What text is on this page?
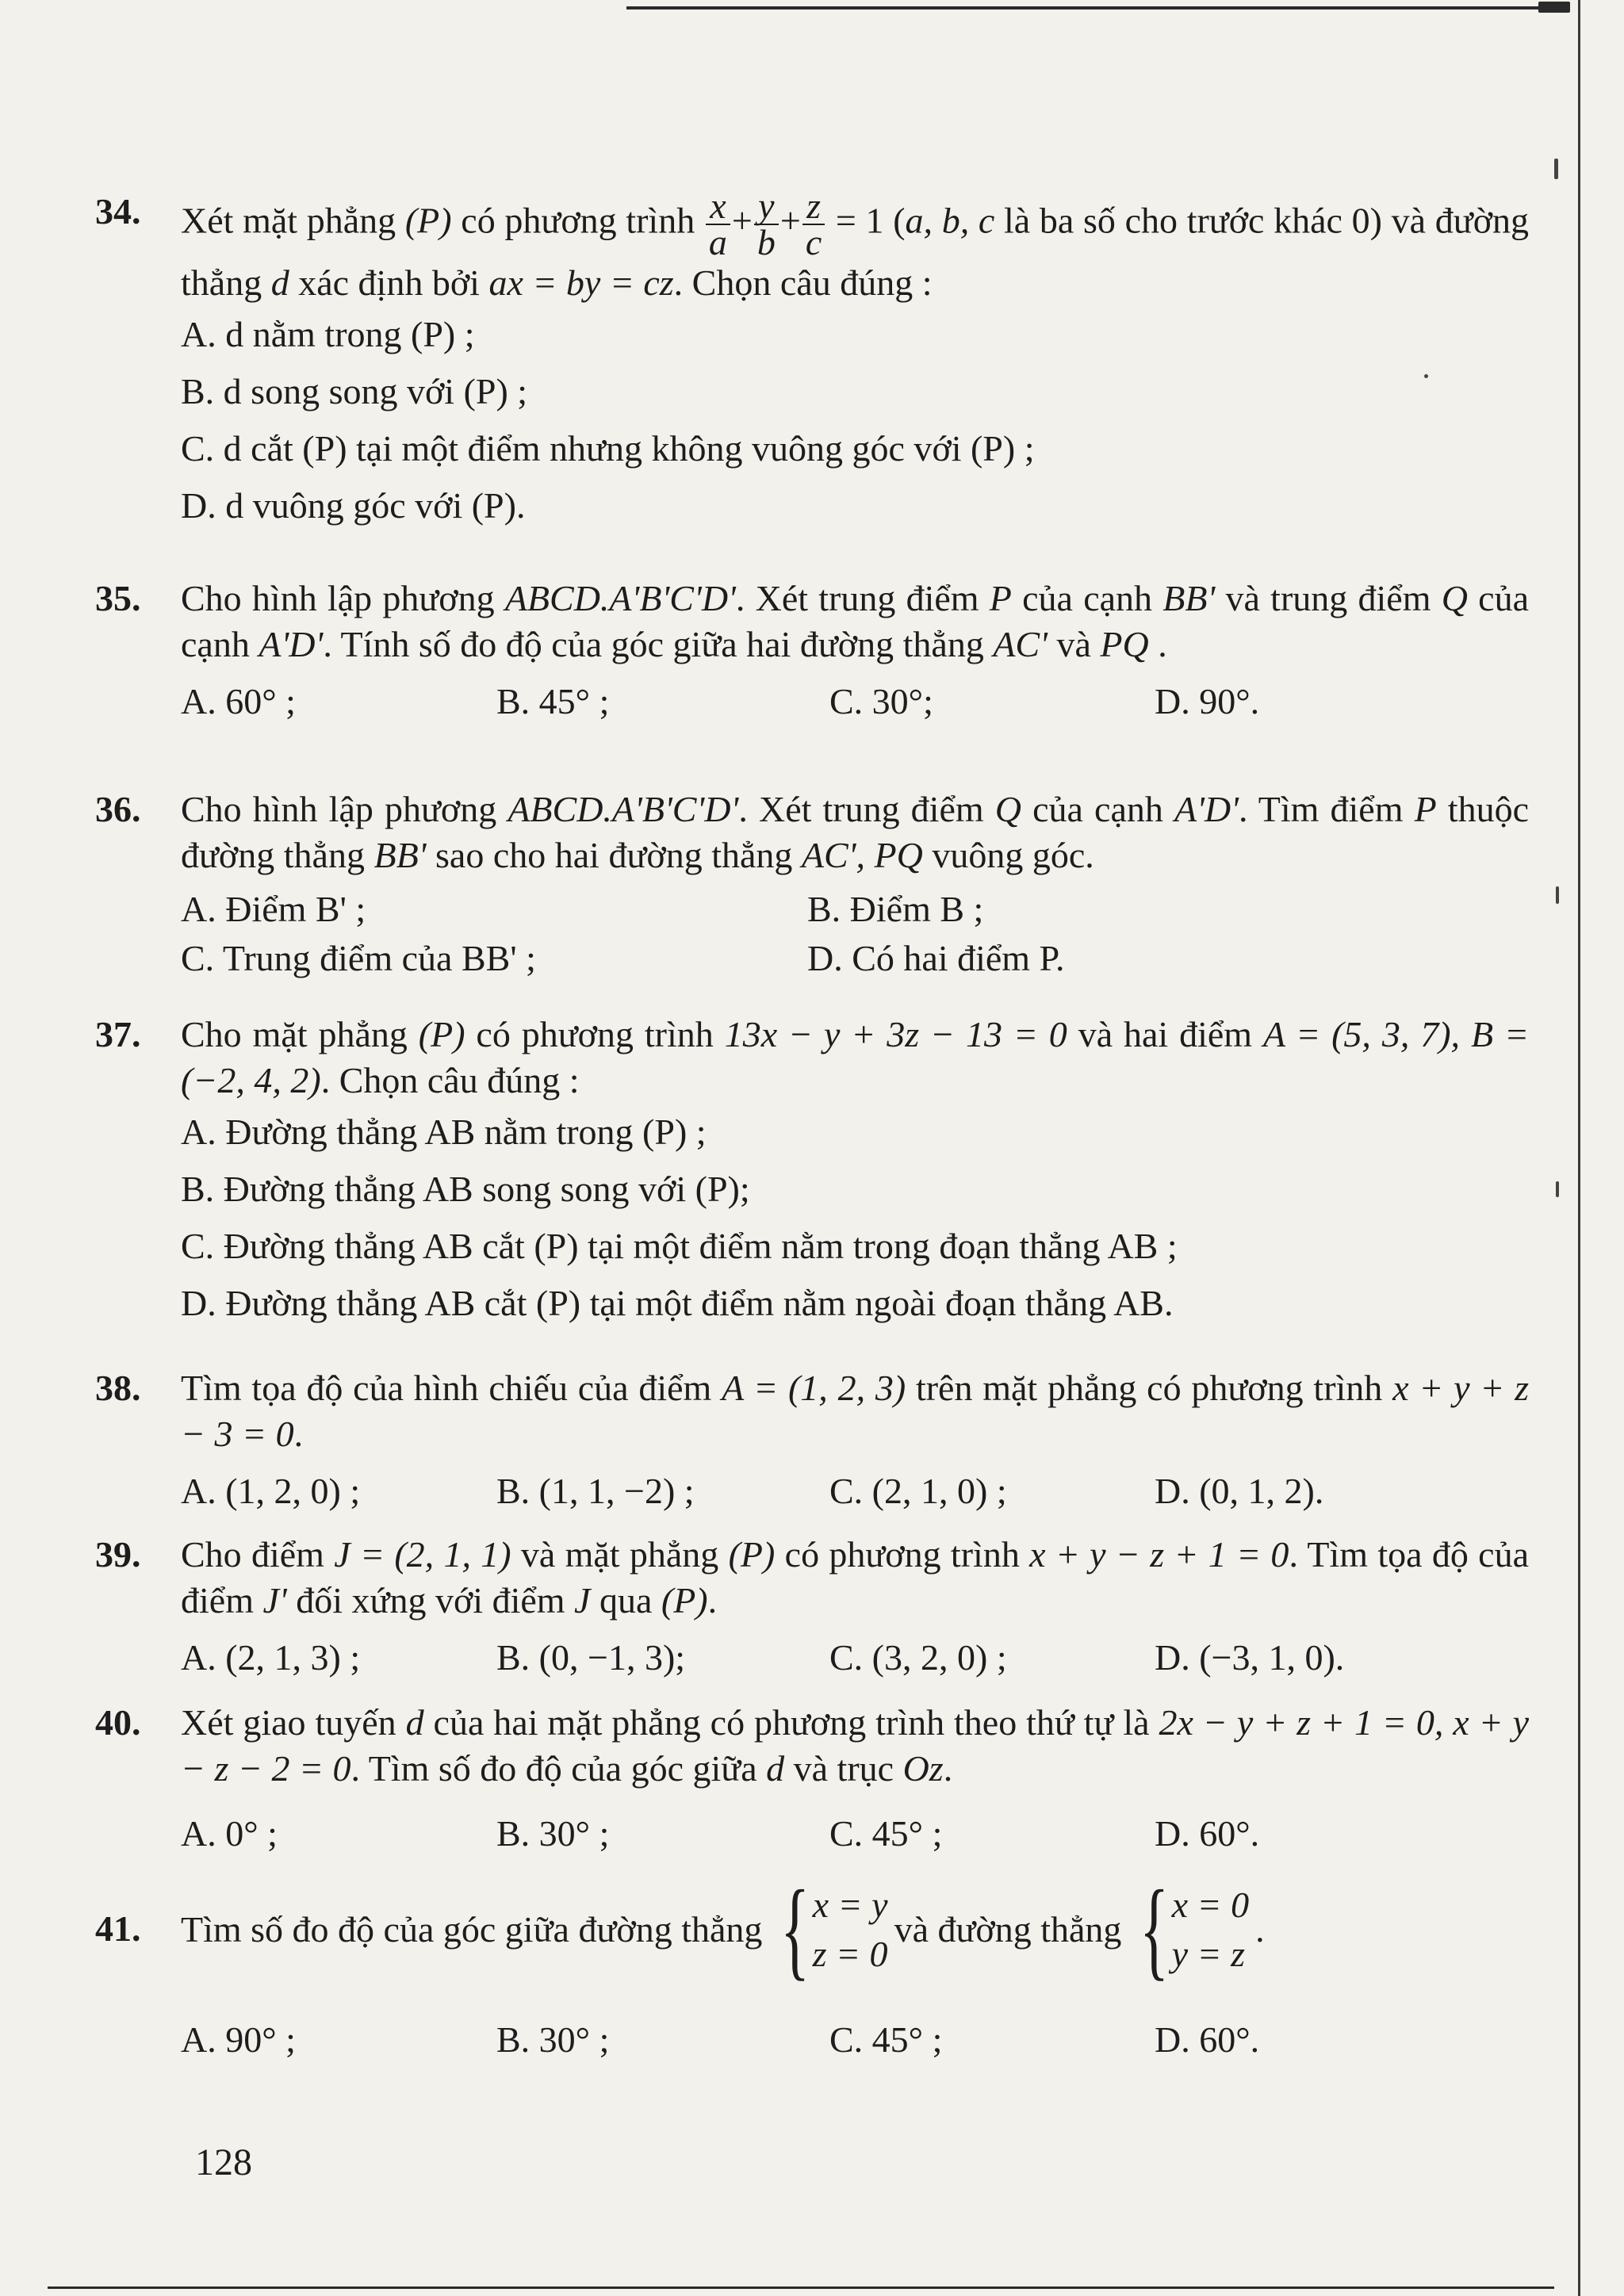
34. Xét mặt phẳng (P) có phương trình $\frac{x}{a} + \frac{y}{b} + \frac{z}{c} = 1$ (a, b, c là ba số cho trước khác 0) và đường thẳng d xác định bởi ax = by = cz. Chọn câu đúng :
A. d nằm trong (P) ;
B. d song song với (P) ;
C. d cắt (P) tại một điểm nhưng không vuông góc với (P) ;
D. d vuông góc với (P).
35. Cho hình lập phương ABCD.A'B'C'D'. Xét trung điểm P của cạnh BB' và trung điểm Q của cạnh A'D'. Tính số đo độ của góc giữa hai đường thẳng AC' và PQ .
A. 60° ;	B. 45° ;	C. 30°;	D. 90°.
36. Cho hình lập phương ABCD.A'B'C'D'. Xét trung điểm Q của cạnh A'D'. Tìm điểm P thuộc đường thẳng BB' sao cho hai đường thẳng AC', PQ vuông góc.
A. Điểm B' ;	B. Điểm B ;
C. Trung điểm của BB' ;	D. Có hai điểm P.
37. Cho mặt phẳng (P) có phương trình 13x − y + 3z − 13 = 0 và hai điểm A = (5, 3, 7), B = (−2, 4, 2). Chọn câu đúng :
A. Đường thẳng AB nằm trong (P) ;
B. Đường thẳng AB song song với (P);
C. Đường thẳng AB cắt (P) tại một điểm nằm trong đoạn thẳng AB ;
D. Đường thẳng AB cắt (P) tại một điểm nằm ngoài đoạn thẳng AB.
38. Tìm tọa độ của hình chiếu của điểm A = (1, 2, 3) trên mặt phẳng có phương trình x + y + z − 3 = 0.
A. (1, 2, 0) ;	B. (1, 1, −2) ;	C. (2, 1, 0) ;	D. (0, 1, 2).
39. Cho điểm J = (2, 1, 1) và mặt phẳng (P) có phương trình x + y − z + 1 = 0. Tìm tọa độ của điểm J' đối xứng với điểm J qua (P).
A. (2, 1, 3) ;	B. (0, −1, 3);	C. (3, 2, 0) ;	D. (−3, 1, 0).
40. Xét giao tuyến d của hai mặt phẳng có phương trình theo thứ tự là 2x − y + z + 1 = 0, x + y − z − 2 = 0. Tìm số đo độ của góc giữa d và trục Oz.
A. 0° ;	B. 30° ;	C. 45° ;	D. 60°.
41. Tìm số đo độ của góc giữa đường thẳng { x = y
z = 0
và đường thẳng { x = 0
y = z
.
A. 90° ;	B. 30° ;	C. 45° ;	D. 60°.
128
